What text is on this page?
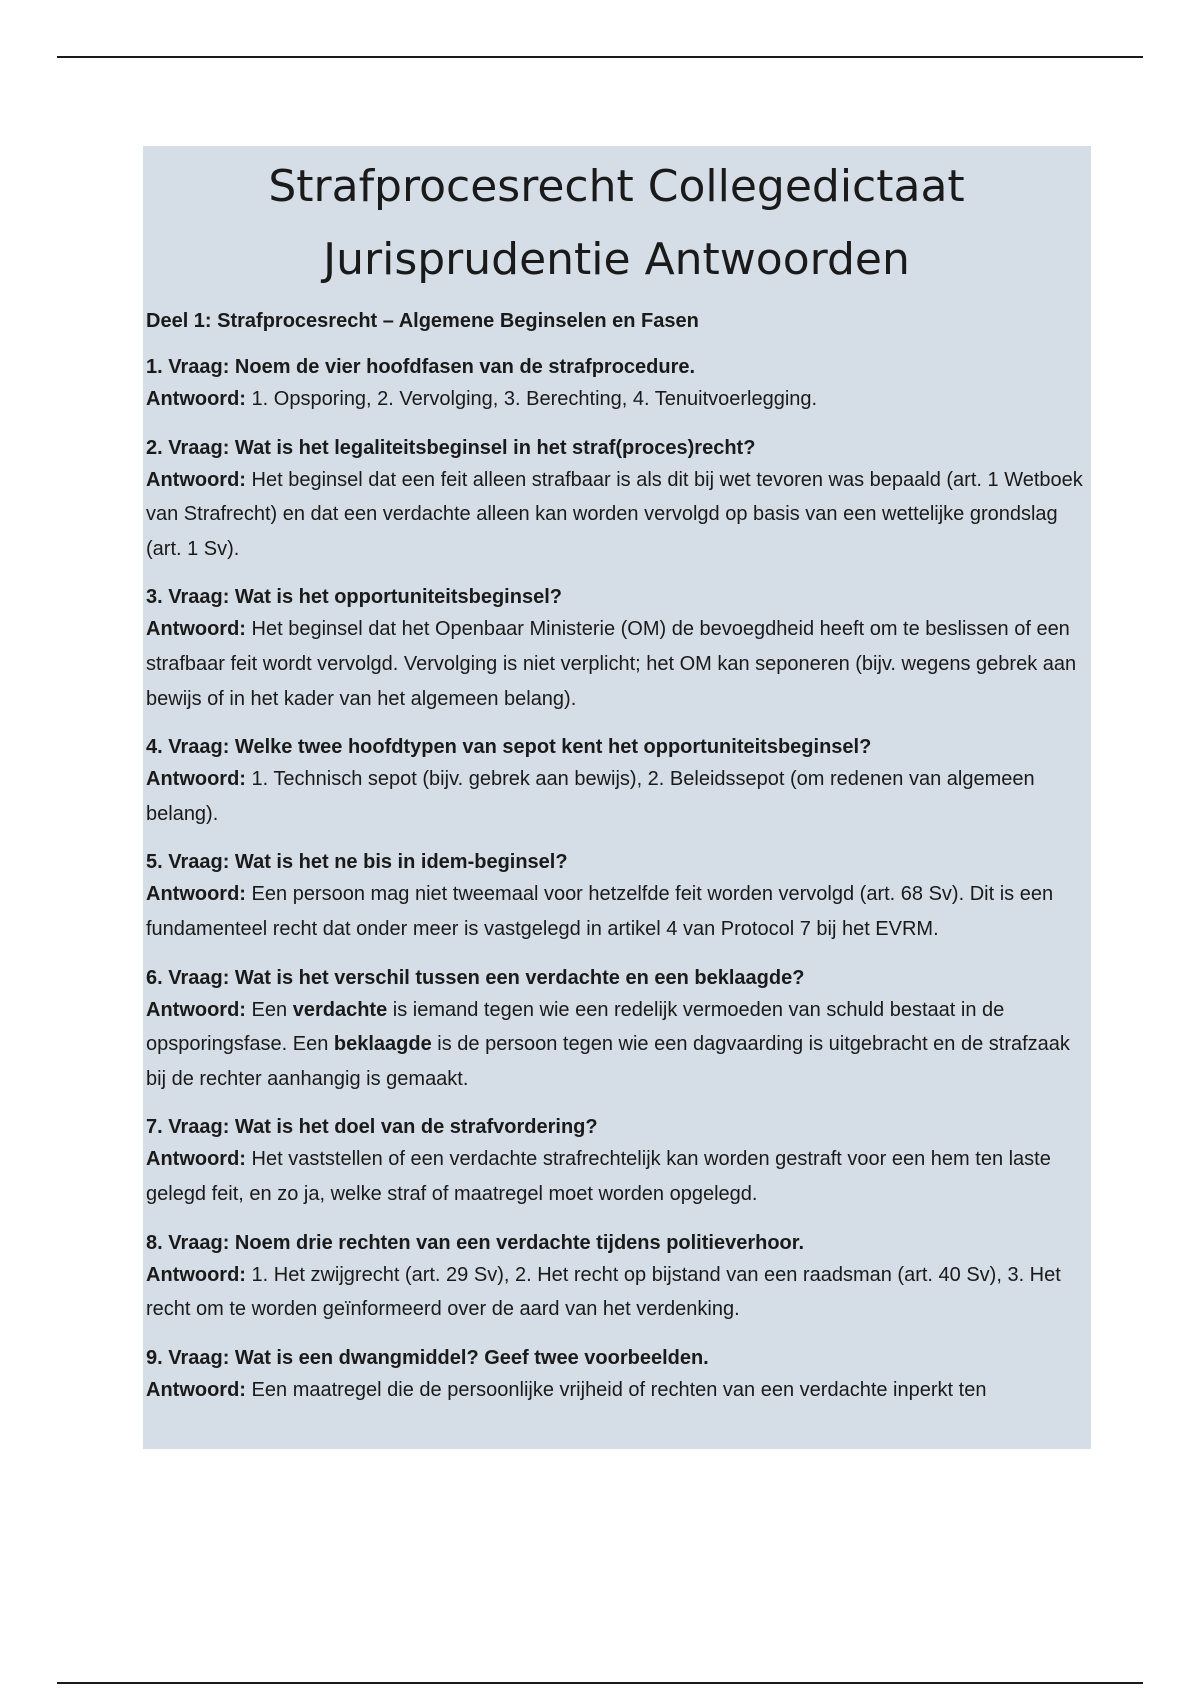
Strafprocesrecht Collegedictaat
Jurisprudentie Antwoorden
Deel 1: Strafprocesrecht – Algemene Beginselen en Fasen
1. Vraag: Noem de vier hoofdfasen van de strafprocedure.
Antwoord: 1. Opsporing, 2. Vervolging, 3. Berechting, 4. Tenuitvoerlegging.
2. Vraag: Wat is het legaliteitsbeginsel in het straf(proces)recht?
Antwoord: Het beginsel dat een feit alleen strafbaar is als dit bij wet tevoren was bepaald (art. 1 Wetboek van Strafrecht) en dat een verdachte alleen kan worden vervolgd op basis van een wettelijke grondslag (art. 1 Sv).
3. Vraag: Wat is het opportuniteitsbeginsel?
Antwoord: Het beginsel dat het Openbaar Ministerie (OM) de bevoegdheid heeft om te beslissen of een strafbaar feit wordt vervolgd. Vervolging is niet verplicht; het OM kan seponeren (bijv. wegens gebrek aan bewijs of in het kader van het algemeen belang).
4. Vraag: Welke twee hoofdtypen van sepot kent het opportuniteitsbeginsel?
Antwoord: 1. Technisch sepot (bijv. gebrek aan bewijs), 2. Beleidssepot (om redenen van algemeen belang).
5. Vraag: Wat is het ne bis in idem-beginsel?
Antwoord: Een persoon mag niet tweemaal voor hetzelfde feit worden vervolgd (art. 68 Sv). Dit is een fundamenteel recht dat onder meer is vastgelegd in artikel 4 van Protocol 7 bij het EVRM.
6. Vraag: Wat is het verschil tussen een verdachte en een beklaagde?
Antwoord: Een verdachte is iemand tegen wie een redelijk vermoeden van schuld bestaat in de opsporingsfase. Een beklaagde is de persoon tegen wie een dagvaarding is uitgebracht en de strafzaak bij de rechter aanhangig is gemaakt.
7. Vraag: Wat is het doel van de strafvordering?
Antwoord: Het vaststellen of een verdachte strafrechtelijk kan worden gestraft voor een hem ten laste gelegd feit, en zo ja, welke straf of maatregel moet worden opgelegd.
8. Vraag: Noem drie rechten van een verdachte tijdens politieverhoor.
Antwoord: 1. Het zwijgrecht (art. 29 Sv), 2. Het recht op bijstand van een raadsman (art. 40 Sv), 3. Het recht om te worden geïnformeerd over de aard van het verdenking.
9. Vraag: Wat is een dwangmiddel? Geef twee voorbeelden.
Antwoord: Een maatregel die de persoonlijke vrijheid of rechten van een verdachte inperkt ten
